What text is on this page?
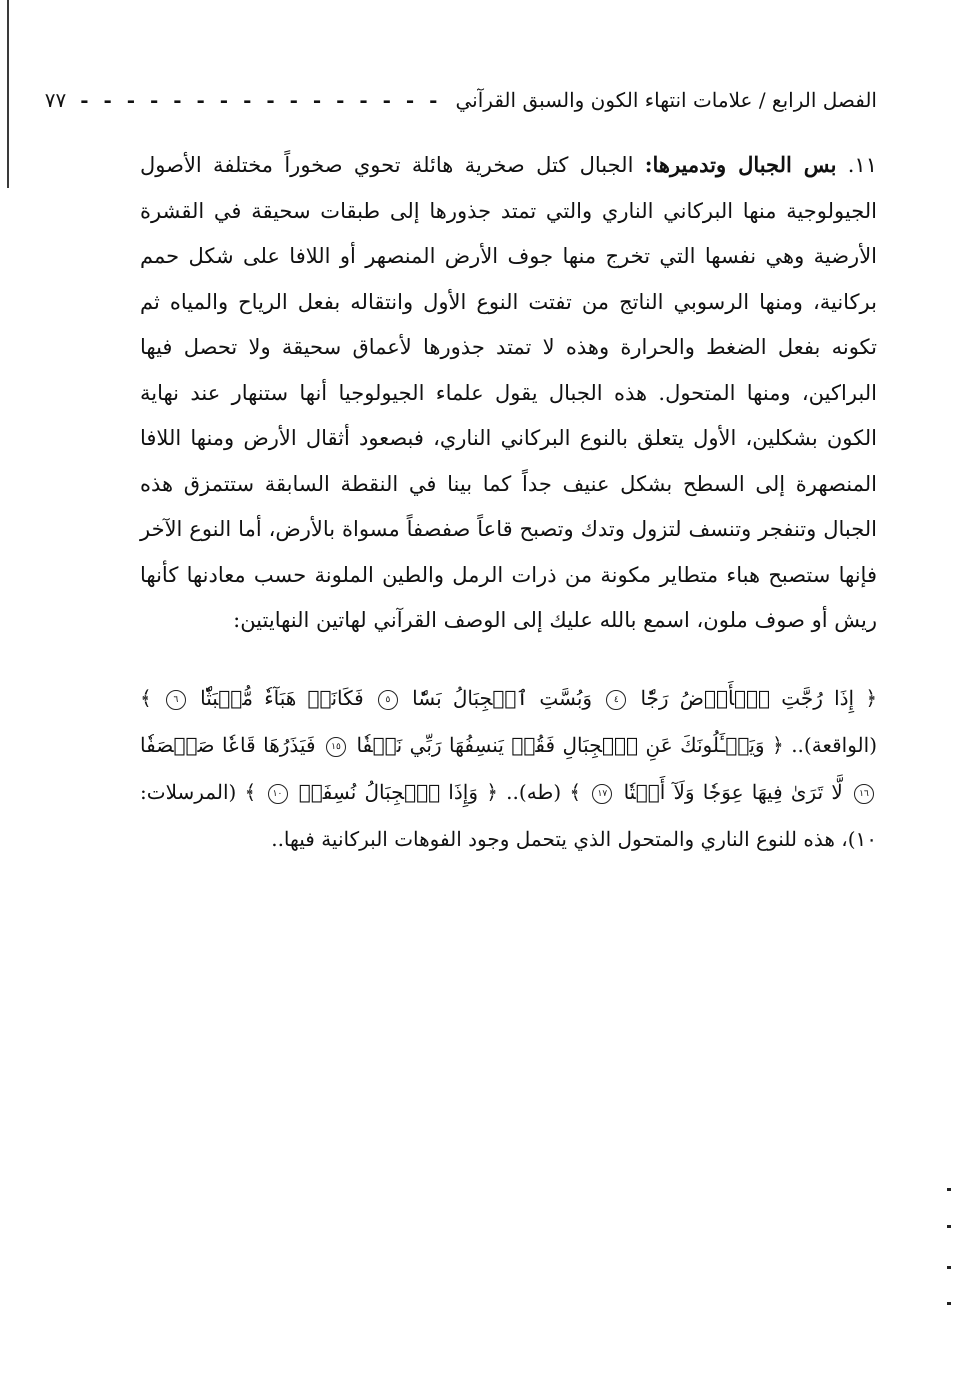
الفصل الرابع / علامات انتهاء الكون والسبق القرآني
- - - - - - - - - - - - - - - -
٧٧

١١. بس الجبال وتدميرها: الجبال كتل صخرية هائلة تحوي صخوراً مختلفة الأصول الجيولوجية منها البركاني الناري والتي تمتد جذورها إلى طبقات سحيقة في القشرة الأرضية وهي نفسها التي تخرج منها جوف الأرض المنصهر أو اللافا على شكل حمم بركانية، ومنها الرسوبي الناتج من تفتت النوع الأول وانتقاله بفعل الرياح والمياه ثم تكونه بفعل الضغط والحرارة وهذه لا تمتد جذورها لأعماق سحيقة ولا تحصل فيها البراكين، ومنها المتحول. هذه الجبال يقول علماء الجيولوجيا أنها ستنهار عند نهاية الكون بشكلين، الأول يتعلق بالنوع البركاني الناري، فبصعود أثقال الأرض ومنها اللافا المنصهرة إلى السطح بشكل عنيف جداً كما بينا في النقطة السابقة ستتمزق هذه الجبال وتنفجر وتنسف لتزول وتدك وتصبح قاعاً صفصفاً مسواة بالأرض، أما النوع الآخر فإنها ستصبح هباء متطاير مكونة من ذرات الرمل والطين الملونة حسب معادنها كأنها ريش أو صوف ملون، اسمع بالله عليك إلى الوصف القرآني لهاتين النهايتين:

﴿ إِذَا رُجَّتِ ٱلۡأَرۡضُ رَجّٗا ٤ وَبُسَّتِ ٱلۡجِبَالُ بَسّٗا ٥ فَكَانَتۡ هَبَآءٗ مُّنۢبَثّٗا ٦ ﴾ (الواقعة).. ﴿ وَيَسۡـَٔلُونَكَ عَنِ ٱلۡجِبَالِ فَقُلۡ يَنسِفُهَا رَبِّي نَسۡفٗا ١٥ فَيَذَرُهَا قَاعٗا صَفۡصَفٗا ١٦ لَّا تَرَىٰ فِيهَا عِوَجٗا وَلَآ أَمۡتٗا ١٧ ﴾ (طه).. ﴿ وَإِذَا ٱلۡجِبَالُ نُسِفَتۡ ١٠ ﴾ (المرسلات: ١٠)، هذه للنوع الناري والمتحول الذي يتحمل وجود الفوهات البركانية فيها..
